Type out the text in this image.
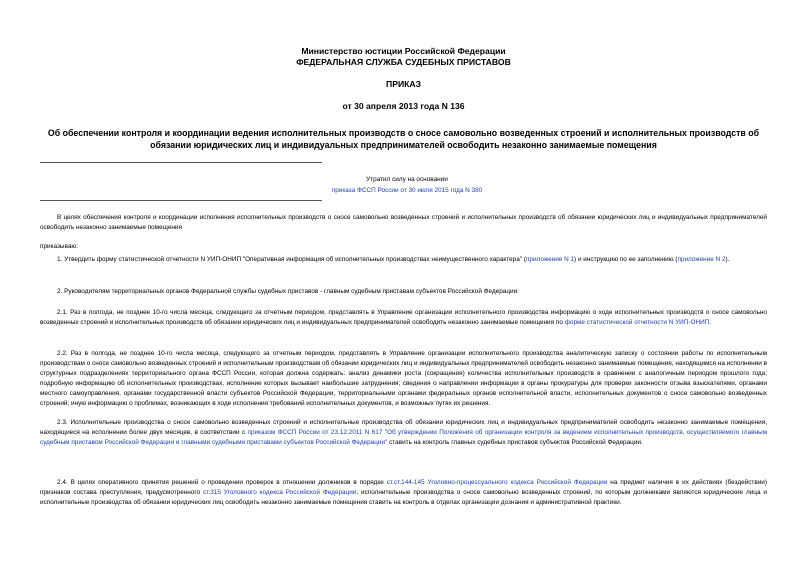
Министерство юстиции Российской Федерации

ФЕДЕРАЛЬНАЯ СЛУЖБА СУДЕБНЫХ ПРИСТАВОВ

ПРИКАЗ

от 30 апреля 2013 года N 136

Об обеспечении контроля и координации ведения исполнительных производств о сносе самовольно возведенных строений и исполнительных производств об обязании юридических лиц и индивидуальных предпринимателей освободить незаконно занимаемые помещения

Утратил силу на основании

приказа ФССП России от 30 июля 2015 года N 380

В целях обеспечения контроля и координации исполнения исполнительных производств о сносе самовольно возведенных строений и исполнительных производств об обязании юридических лиц и индивидуальных предпринимателей освободить незаконно занимаемые помещения

приказываю:

1. Утвердить форму статистической отчетности N УИП-ОНИП "Оперативная информация об исполнительных производствах неимущественного характера" (приложение N 1) и инструкцию по ее заполнению (приложение N 2).

2. Руководителям территориальных органов Федеральной службы судебных приставов - главным судебным приставам субъектов Российской Федерации:

2.1. Раз в полгода, не позднее 10-го числа месяца, следующего за отчетным периодом, представлять в Управление организации исполнительного производства информацию о ходе исполнительных производств о сносе самовольно возведенных строений и исполнительных производств об обязании юридических лиц и индивидуальных предпринимателей освободить незаконно занимаемые помещения по форме статистической отчетности N УИП-ОНИП.

2.2. Раз в полгода, не позднее 10-го числа месяца, следующего за отчетным периодом, представлять в Управление организации исполнительного производства аналитическую записку о состоянии работы по исполнительным производствам о сносе самовольно возведенных строений и исполнительным производствам об обязании юридических лиц и индивидуальных предпринимателей освободить незаконно занимаемые помещения, находящимся на исполнении в структурных подразделениях территориального органа ФССП России, которая должна содержать: анализ динамики роста (сокращения) количества исполнительных производств в сравнении с аналогичным периодом прошлого года; подробную информацию об исполнительных производствах, исполнение которых вызывает наибольшие затруднения; сведения о направлении информации в органы прокуратуры для проверки законности отзыва взыскателями, органами местного самоуправления, органами государственной власти субъектов Российской Федерации, территориальными органами федеральных органов исполнительной власти, исполнительных документов о сносе самовольно возведенных строений; иную информацию о проблемах, возникающих в ходе исполнения требований исполнительных документов, и возможных путях их решения.

2.3. Исполнительные производства о сносе самовольно возведенных строений и исполнительные производства об обязании юридических лиц и индивидуальных предпринимателей освободить незаконно занимаемые помещения, находящиеся на исполнении более двух месяцев, в соответствии с приказом ФССП России от 23.12.2011 N 617 "Об утверждении Положения об организации контроля за ведением исполнительных производств, осуществляемого главным судебным приставом Российской Федерации и главными судебными приставами субъектов Российской Федерации" ставить на контроль главных судебных приставов субъектов Российской Федерации.

2.4. В целях оперативного принятия решений о проведении проверок в отношении должников в порядке ст.ст.144-145 Уголовно-процессуального кодекса Российской Федерации на предмет наличия в их действиях (бездействии) признаков состава преступления, предусмотренного ст.315 Уголовного кодекса Российской Федерации, исполнительные производства о сносе самовольно возведенных строений, по которым должниками являются юридические лица и исполнительные производства об обязании юридических лиц освободить незаконно занимаемые помещения ставить на контроль в отделах организации дознания и административной практики.
